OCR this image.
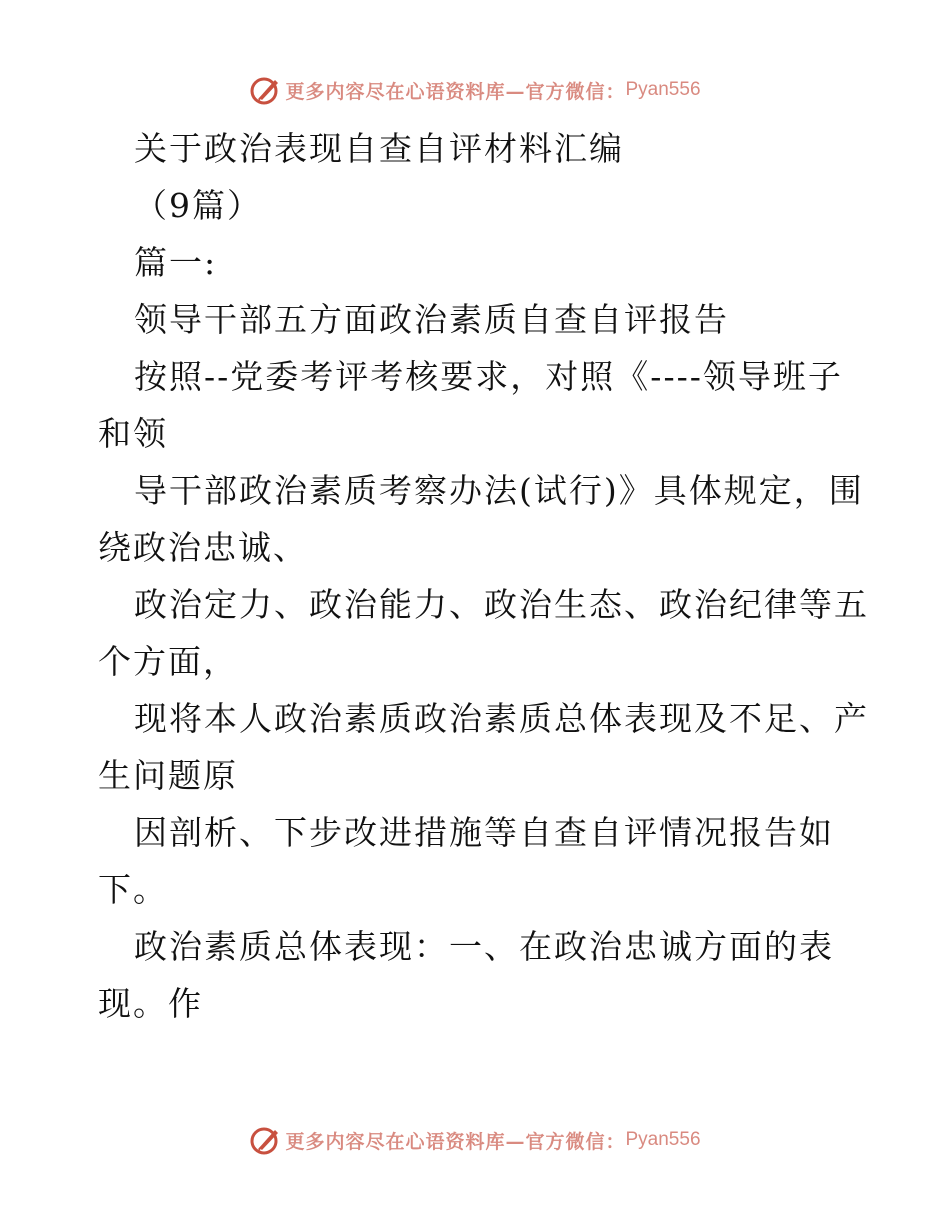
更多内容尽在心语资料库—官方微信： Pyan556
关于政治表现自查自评材料汇编
（9篇）
篇一:
领导干部五方面政治素质自查自评报告
按照--党委考评考核要求，对照《----领导班子
和领
导干部政治素质考察办法(试行)》具体规定，围
绕政治忠诚、
政治定力、政治能力、政治生态、政治纪律等五
个方面，
现将本人政治素质政治素质总体表现及不足、产
生问题原
因剖析、下步改进措施等自查自评情况报告如
下。
政治素质总体表现：一、在政治忠诚方面的表
现。作
更多内容尽在心语资料库—官方微信： Pyan556
